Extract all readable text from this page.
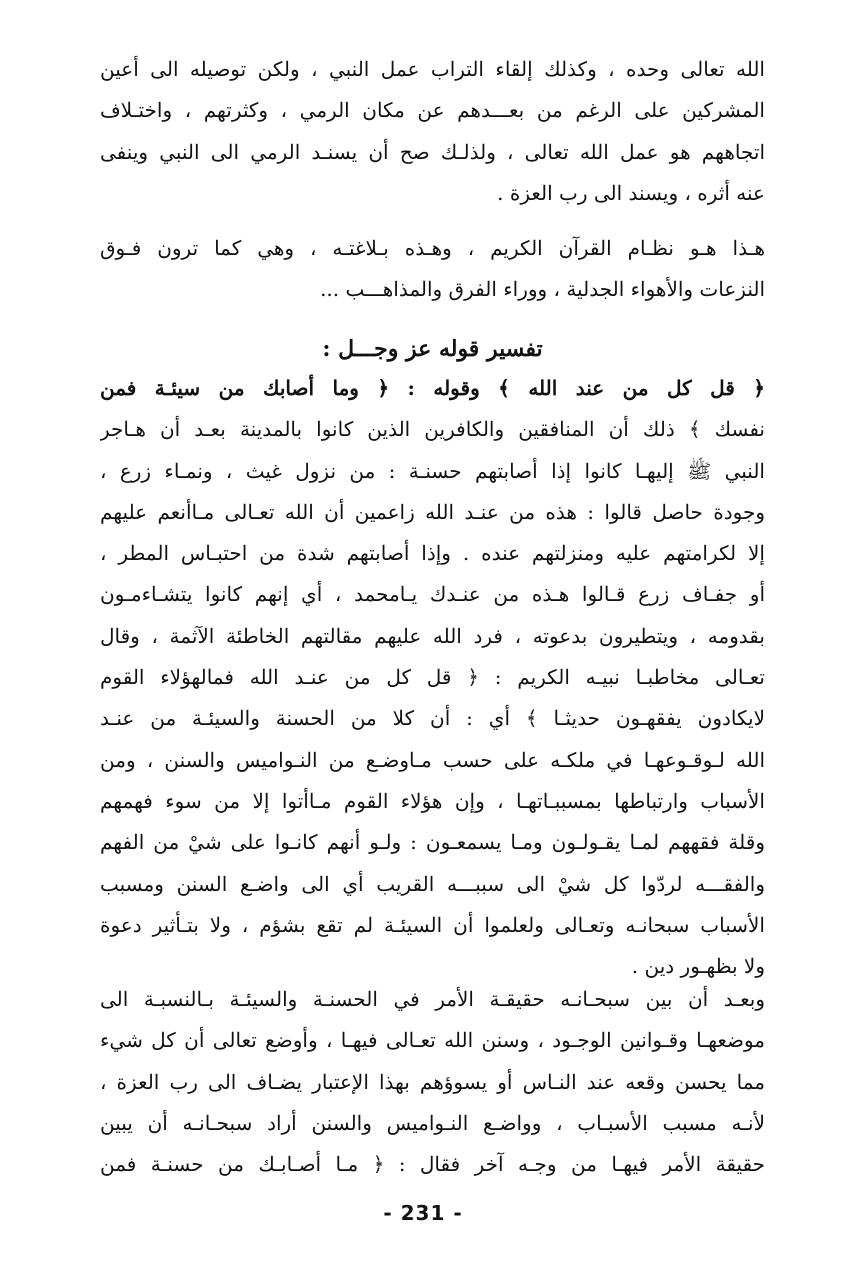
الله تعالى وحده ، وكذلك إلقاء التراب عمل النبي ، ولكن توصيله الى أعين
المشركين على الرغم من بعـــدهم عن مكان الرمي ، وكثرتهم ، واختـلاف
اتجاههم هو عمل الله تعالى ، ولذلـك صح أن يسنـد الرمي الى النبي وينفى
عنه أثره ، ويسند الى رب العزة .
هـذا هـو نظـام القرآن الكريم ، وهـذه بـلاغتـه ، وهي كما ترون فـوق
النزعات والأهواء الجدلية ، ووراء الفرق والمذاهـــب ...
تفسير قوله عز وجـــل :
﴿ قل كل من عند الله ﴾ وقوله : ﴿ وما أصابك من سيئـة فمن
نفسك ﴾ ذلك أن المنافقين والكافرين الذين كانوا بالمدينة بعـد أن هـاجر
النبي ﷺ إليهـا كانوا إذا أصابتهم حسنـة : من نزول غيث ، ونمـاء زرع ،
وجودة حاصل قالوا : هذه من عنـد الله زاعمين أن الله تعـالى مـاأنعم عليهم
إلا لكرامتهم عليه ومنزلتهم عنده . وإذا أصابتهم شدة من احتبـاس المطر ،
أو جفـاف زرع قـالوا هـذه من عنـدك يـامحمد ، أي إنهم كانوا يتشـاءمـون
بقدومه ، ويتطيرون بدعوته ، فرد الله عليهم مقالتهم الخاطئة الآثمة ، وقال
تعـالى مخاطبـا نبيـه الكريم : ﴿ قل كل من عنـد الله فمالهؤلاء القوم
لايكادون يفقهـون حديثـا ﴾ أي : أن كلا من الحسنة والسيئـة من عنـد
الله لـوقـوعهـا في ملكـه على حسب مـاوضـع من النـواميس والسنن ، ومن
الأسباب وارتباطها بمسببـاتهـا ، وإن هؤلاء القوم مـاأتوا إلا من سوء فهمهم
وقلة فقههم لمـا يقـولـون ومـا يسمعـون : ولـو أنهم كانـوا على شيْ من الفهم
والفقـــه لردّوا كل شيْ الى سببـــه القريب أي الى واضـع السنن ومسبب
الأسباب سبحانـه وتعـالى ولعلموا أن السيئـة لم تقع بشؤم ، ولا بتـأثير دعوة
ولا بظهـور دين .
وبعـد أن بين سبحـانـه حقيقـة الأمر في الحسنـة والسيئـة بـالنسبـة الى
موضعهـا وقـوانين الوجـود ، وسنن الله تعـالى فيهـا ، وأوضع تعالى أن كل شيء
مما يحسن وقعه عند النـاس أو يسوؤهم بهذا الإعتبار يضـاف الى رب العزة ،
لأنـه مسبب الأسبـاب ، وواضـع النـواميس والسنن أراد سبحـانـه أن يبين
حقيقة الأمر فيهـا من وجـه آخر فقال : ﴿ مـا أصـابـك من حسنـة فمن
- 231 -
